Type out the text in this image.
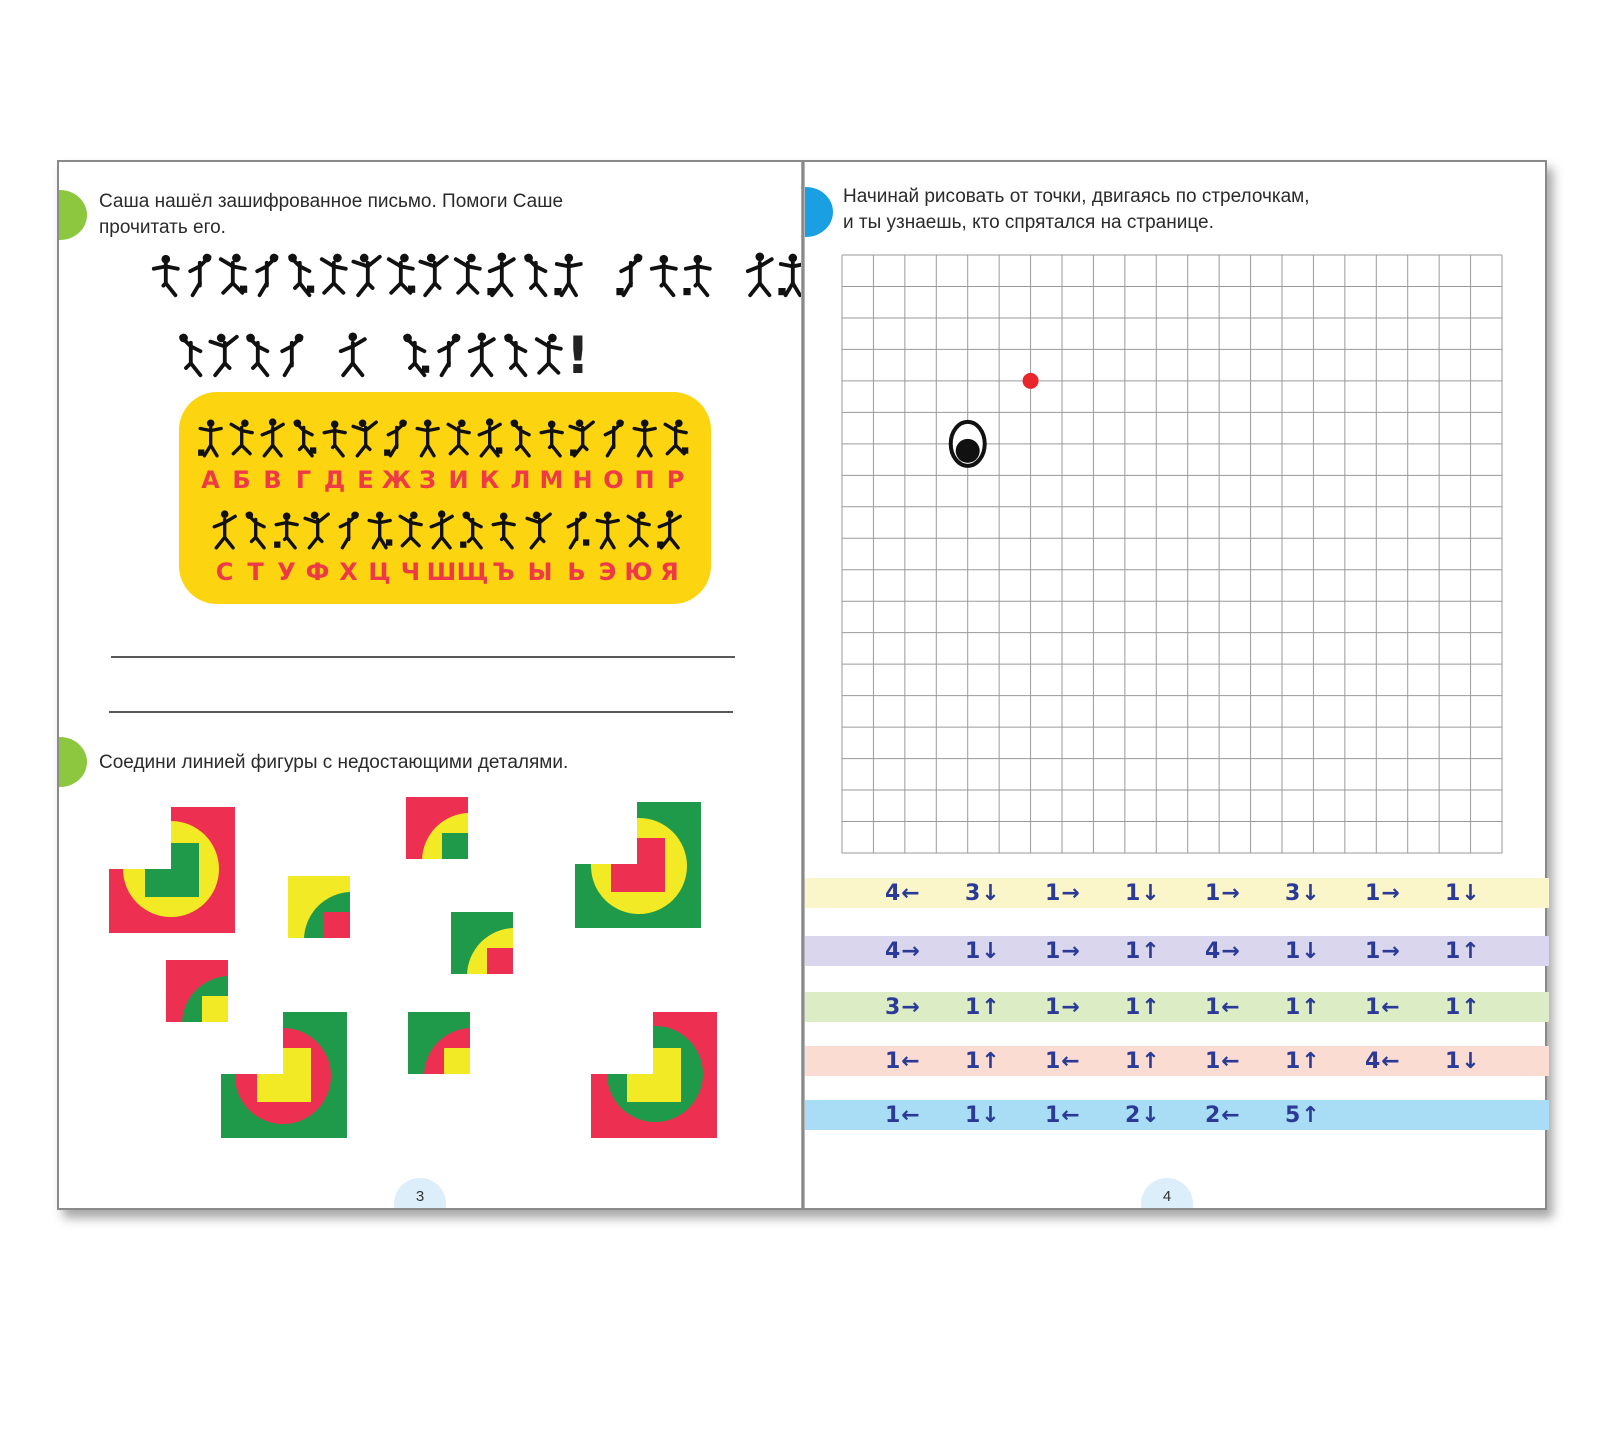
Саша нашёл зашифрованное письмо. Помоги Саше
прочитать его.
!
А Б В Г Д Е Ж З И К Л М Н О П Р
С Т У Ф Х Ц Ч Ш Щ Ъ Ы Ь Э Ю Я
Соедини линией фигуры с недостающими деталями.
3
Начинай рисовать от точки, двигаясь по стрелочкам,
и ты узнаешь, кто спрятался на странице.
4← 3↓ 1→ 1↓ 1→ 3↓ 1→ 1↓
4→ 1↓ 1→ 1↑ 4→ 1↓ 1→ 1↑
3→ 1↑ 1→ 1↑ 1← 1↑ 1← 1↑
1← 1↑ 1← 1↑ 1← 1↑ 4← 1↓
1← 1↓ 1← 2↓ 2← 5↑
4
